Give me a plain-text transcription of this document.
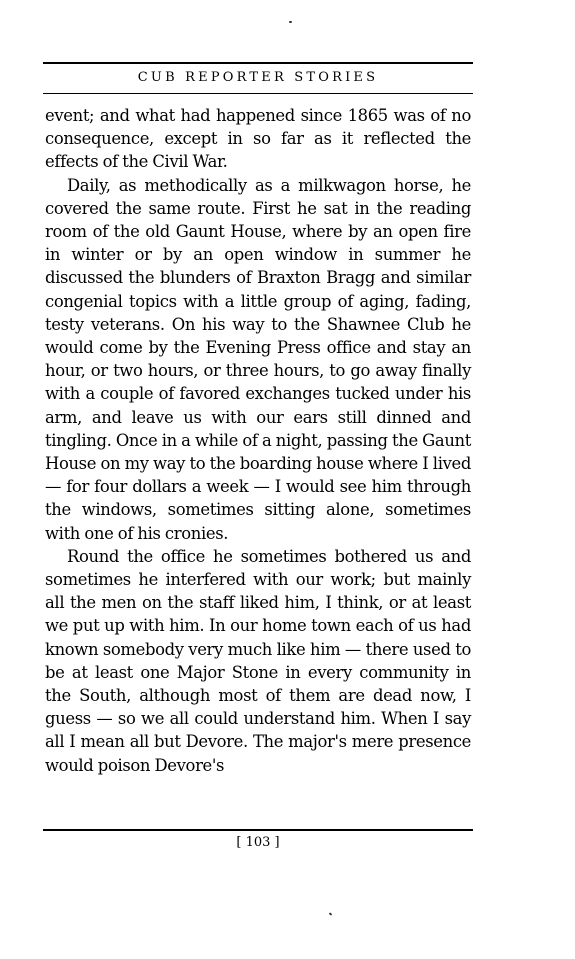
CUB REPORTER STORIES

event; and what had happened since 1865 was of no consequence, except in so far as it reflected the effects of the Civil War.

Daily, as methodically as a milkwagon horse, he covered the same route. First he sat in the reading room of the old Gaunt House, where by an open fire in winter or by an open window in summer he discussed the blunders of Braxton Bragg and similar congenial topics with a little group of aging, fading, testy veterans. On his way to the Shawnee Club he would come by the Evening Press office and stay an hour, or two hours, or three hours, to go away finally with a couple of favored exchanges tucked under his arm, and leave us with our ears still dinned and tingling. Once in a while of a night, passing the Gaunt House on my way to the boarding house where I lived — for four dollars a week — I would see him through the windows, sometimes sitting alone, sometimes with one of his cronies.

Round the office he sometimes bothered us and sometimes he interfered with our work; but mainly all the men on the staff liked him, I think, or at least we put up with him. In our home town each of us had known somebody very much like him — there used to be at least one Major Stone in every community in the South, although most of them are dead now, I guess — so we all could understand him. When I say all I mean all but Devore. The major's mere presence would poison Devore's

[ 103 ]
